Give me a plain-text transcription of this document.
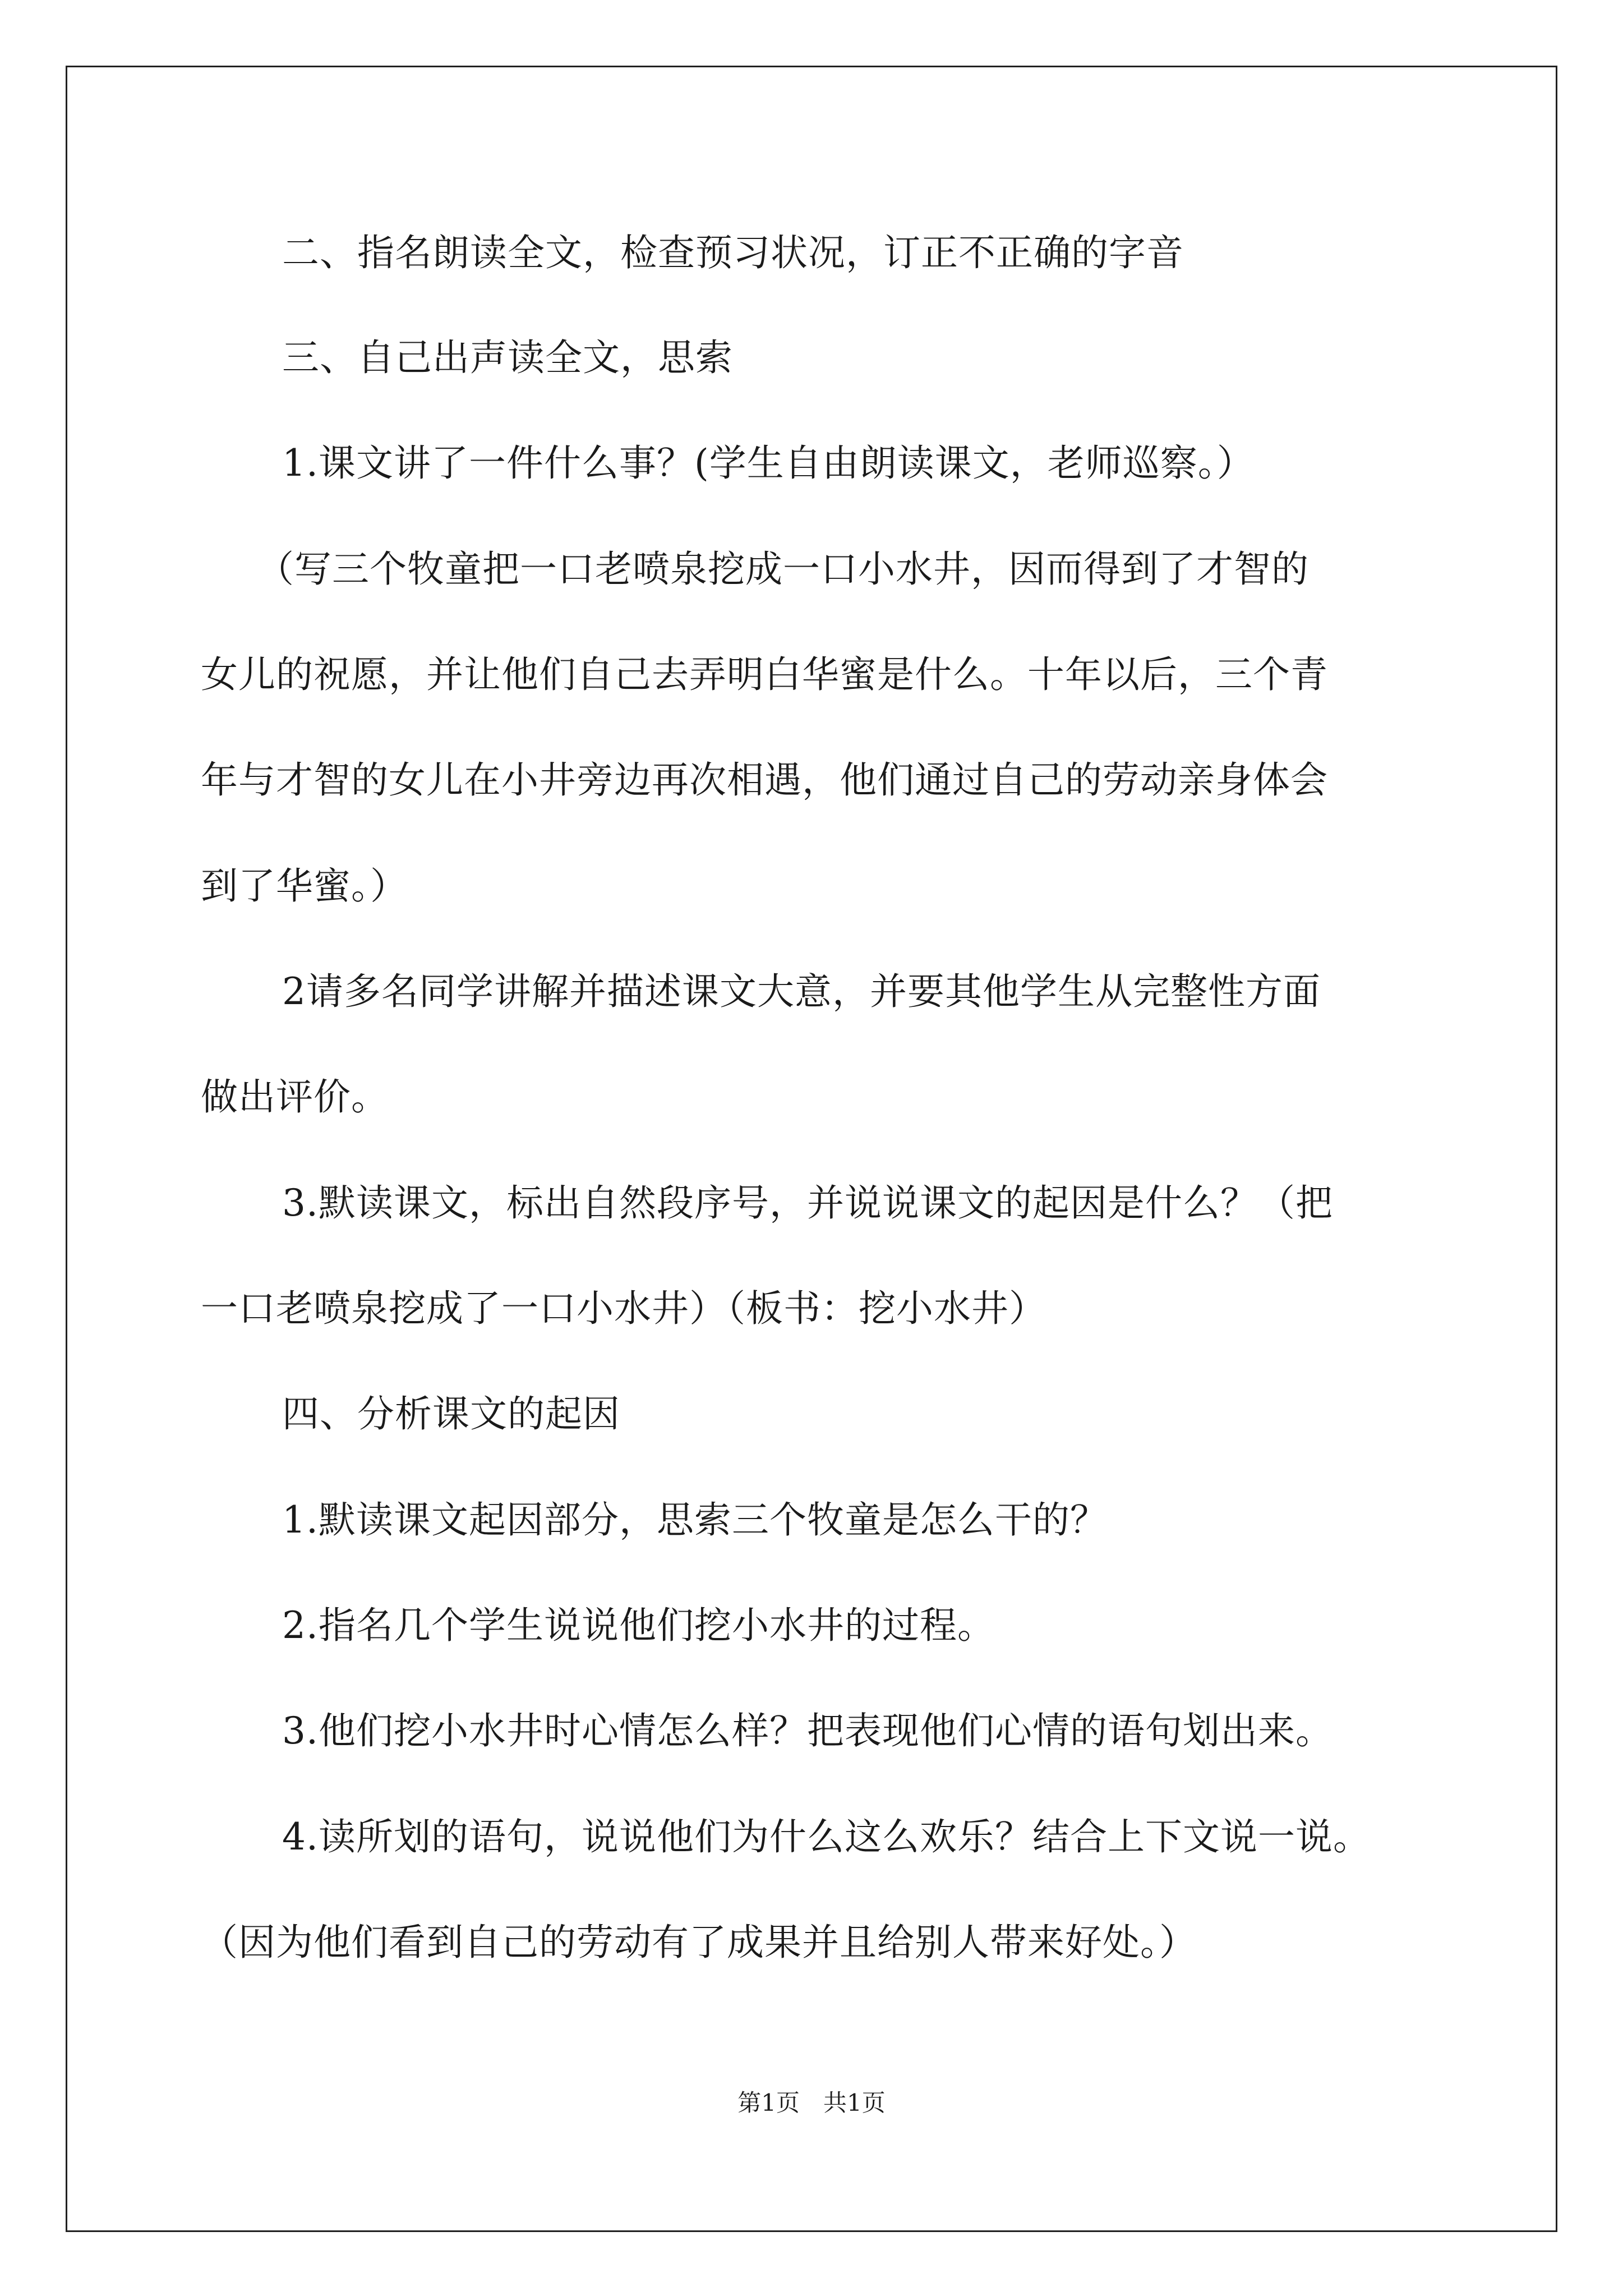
二、指名朗读全文，检查预习状况，订正不正确的字音
三、自己出声读全文，思索
1.课文讲了一件什么事？(学生自由朗读课文，老师巡察。）
（写三个牧童把一口老喷泉挖成一口小水井，因而得到了才智的
女儿的祝愿，并让他们自己去弄明白华蜜是什么。十年以后，三个青
年与才智的女儿在小井旁边再次相遇，他们通过自己的劳动亲身体会
到了华蜜。）
2请多名同学讲解并描述课文大意，并要其他学生从完整性方面
做出评价。
3.默读课文，标出自然段序号，并说说课文的起因是什么？（把
一口老喷泉挖成了一口小水井）（板书：挖小水井）
四、分析课文的起因
1.默读课文起因部分，思索三个牧童是怎么干的？
2.指名几个学生说说他们挖小水井的过程。
3.他们挖小水井时心情怎么样？把表现他们心情的语句划出来。
4.读所划的语句，说说他们为什么这么欢乐？结合上下文说一说。
（因为他们看到自己的劳动有了成果并且给别人带来好处。）
第1页　共1页
